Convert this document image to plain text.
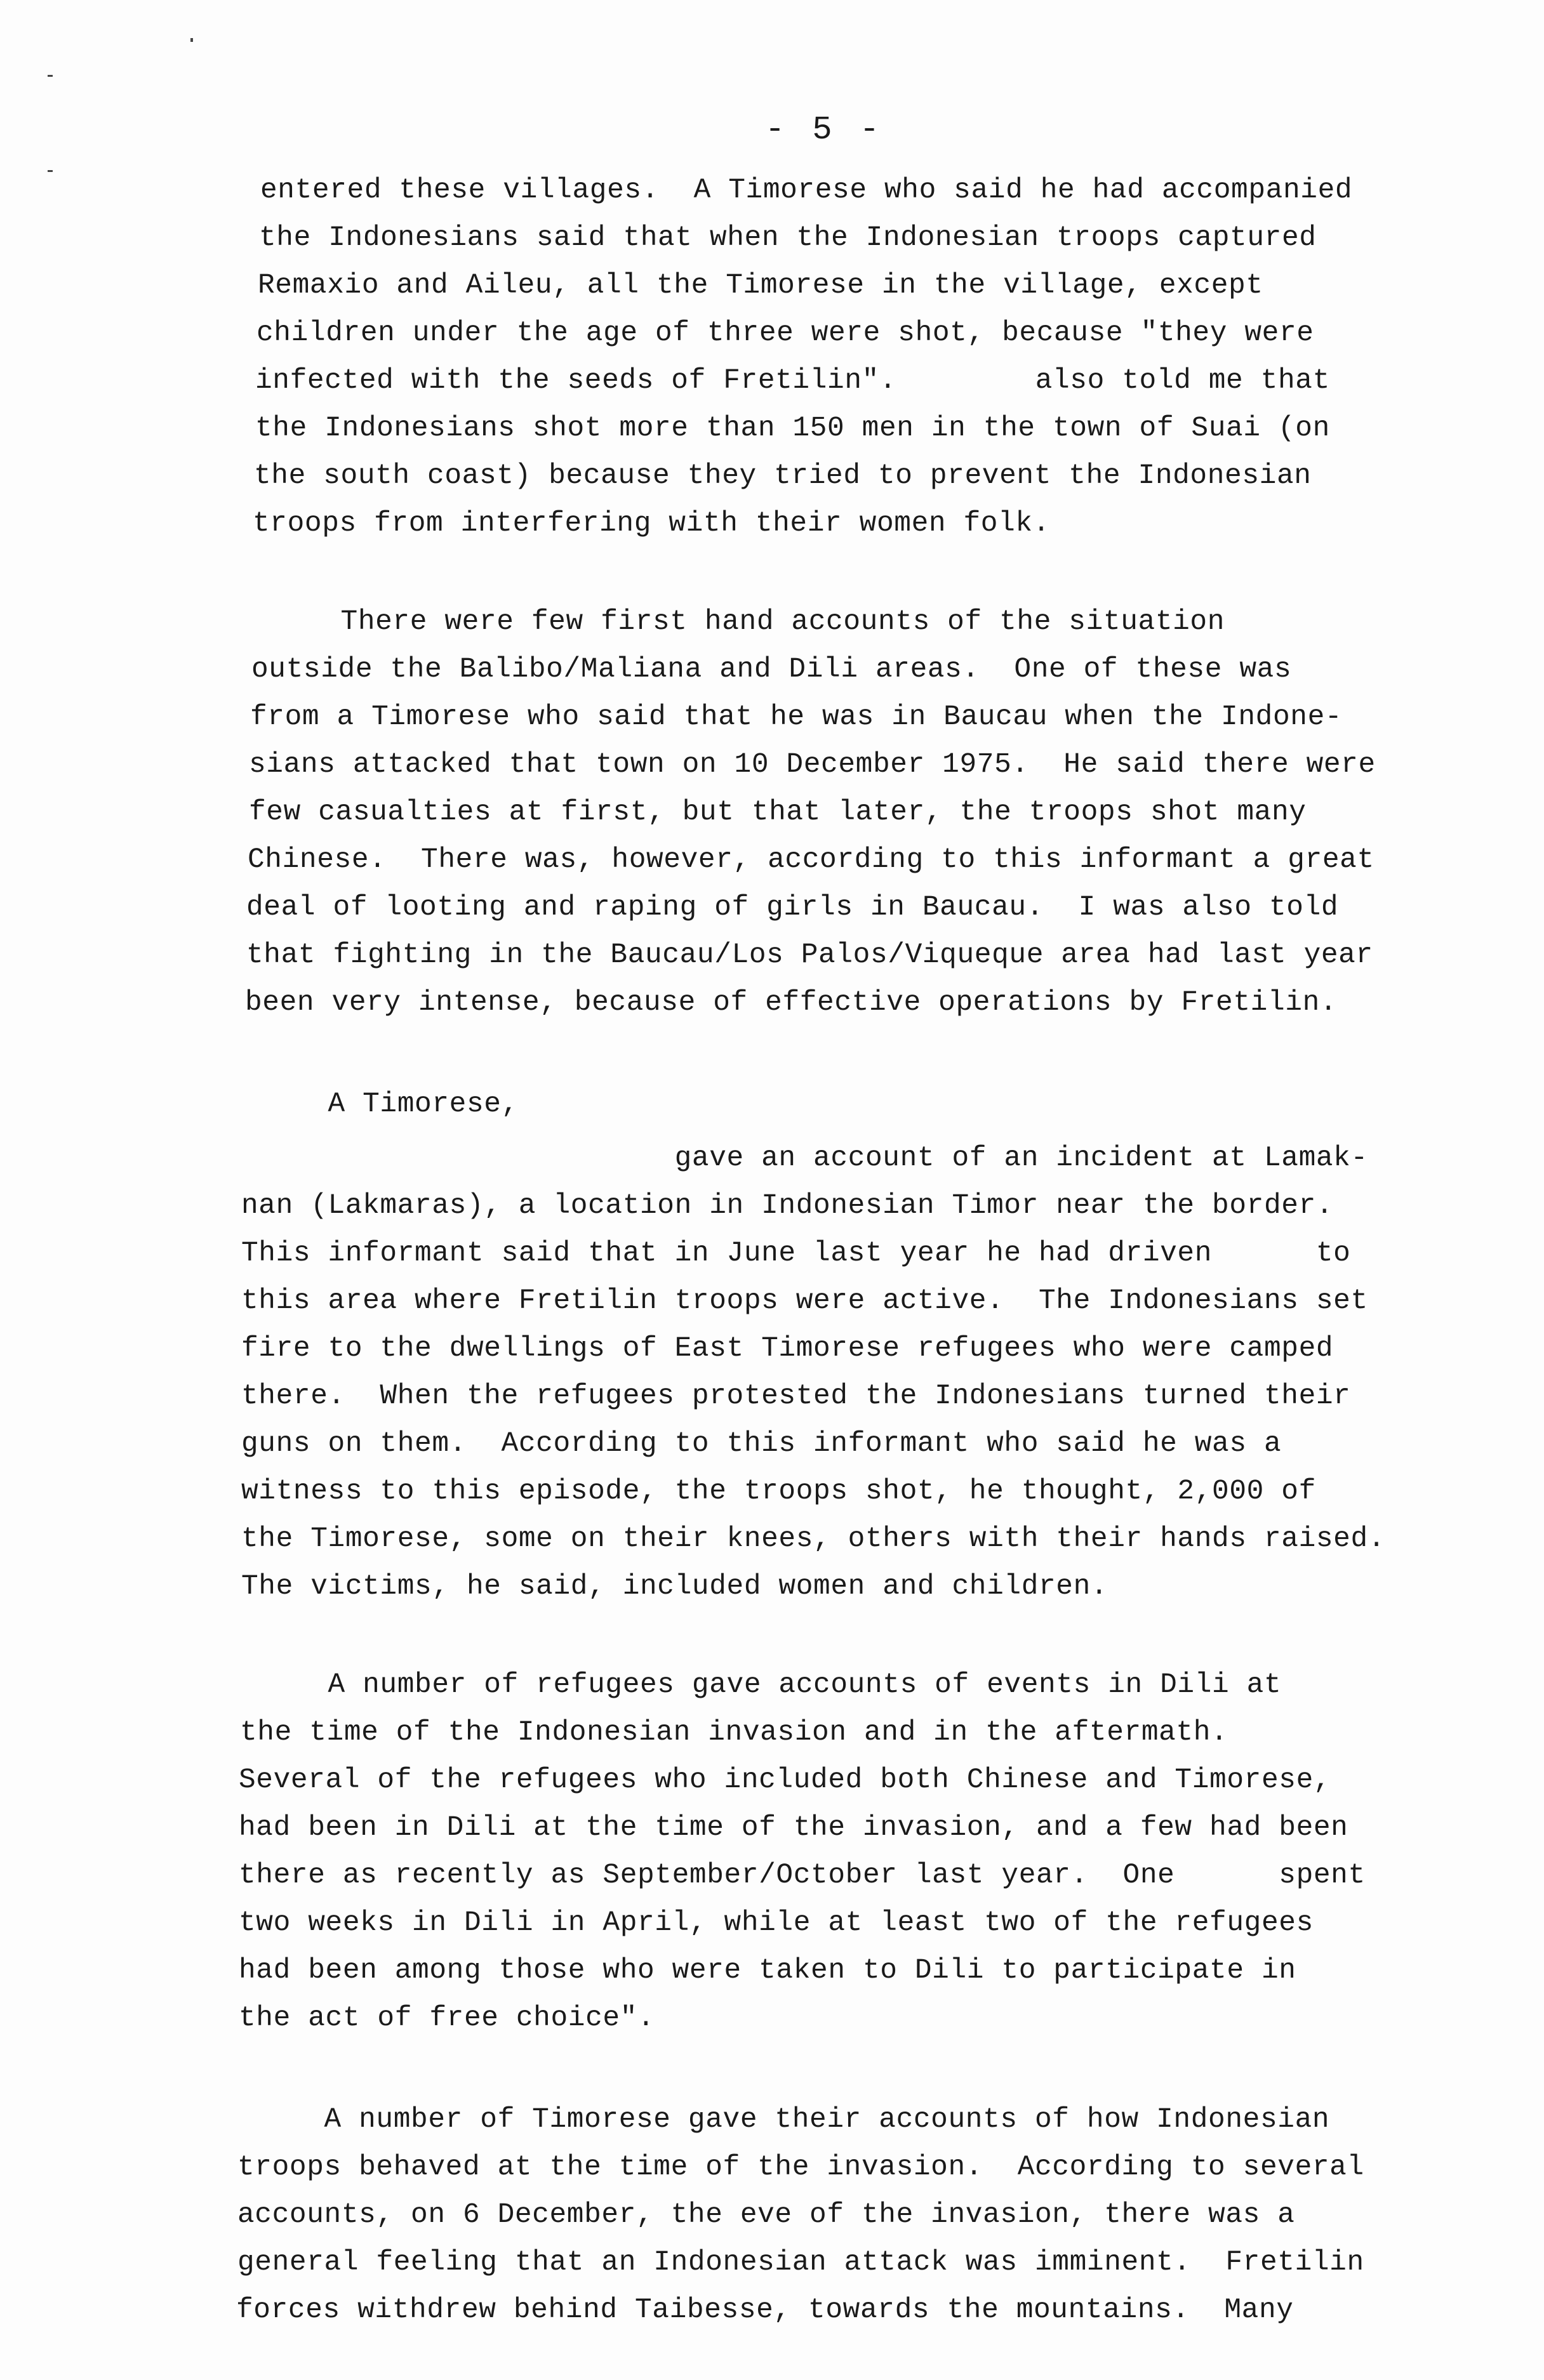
- 5 -
entered these villages.  A Timorese who said he had accompanied
the Indonesians said that when the Indonesian troops captured
Remaxio and Aileu, all the Timorese in the village, except
children under the age of three were shot, because "they were
infected with the seeds of Fretilin".        also told me that
the Indonesians shot more than 150 men in the town of Suai (on
the south coast) because they tried to prevent the Indonesian
troops from interfering with their women folk.
There were few first hand accounts of the situation
outside the Balibo/Maliana and Dili areas.  One of these was
from a Timorese who said that he was in Baucau when the Indone-
sians attacked that town on 10 December 1975.  He said there were
few casualties at first, but that later, the troops shot many
Chinese.  There was, however, according to this informant a great
deal of looting and raping of girls in Baucau.  I was also told
that fighting in the Baucau/Los Palos/Viqueque area had last year
been very intense, because of effective operations by Fretilin.
A Timorese,
gave an account of an incident at Lamak-
nan (Lakmaras), a location in Indonesian Timor near the border.
This informant said that in June last year he had driven      to
this area where Fretilin troops were active.  The Indonesians set
fire to the dwellings of East Timorese refugees who were camped
there.  When the refugees protested the Indonesians turned their
guns on them.  According to this informant who said he was a
witness to this episode, the troops shot, he thought, 2,000 of
the Timorese, some on their knees, others with their hands raised.
The victims, he said, included women and children.
A number of refugees gave accounts of events in Dili at
the time of the Indonesian invasion and in the aftermath.
Several of the refugees who included both Chinese and Timorese,
had been in Dili at the time of the invasion, and a few had been
there as recently as September/October last year.  One      spent
two weeks in Dili in April, while at least two of the refugees
had been among those who were taken to Dili to participate in
the act of free choice".
A number of Timorese gave their accounts of how Indonesian
troops behaved at the time of the invasion.  According to several
accounts, on 6 December, the eve of the invasion, there was a
general feeling that an Indonesian attack was imminent.  Fretilin
forces withdrew behind Taibesse, towards the mountains.  Many
